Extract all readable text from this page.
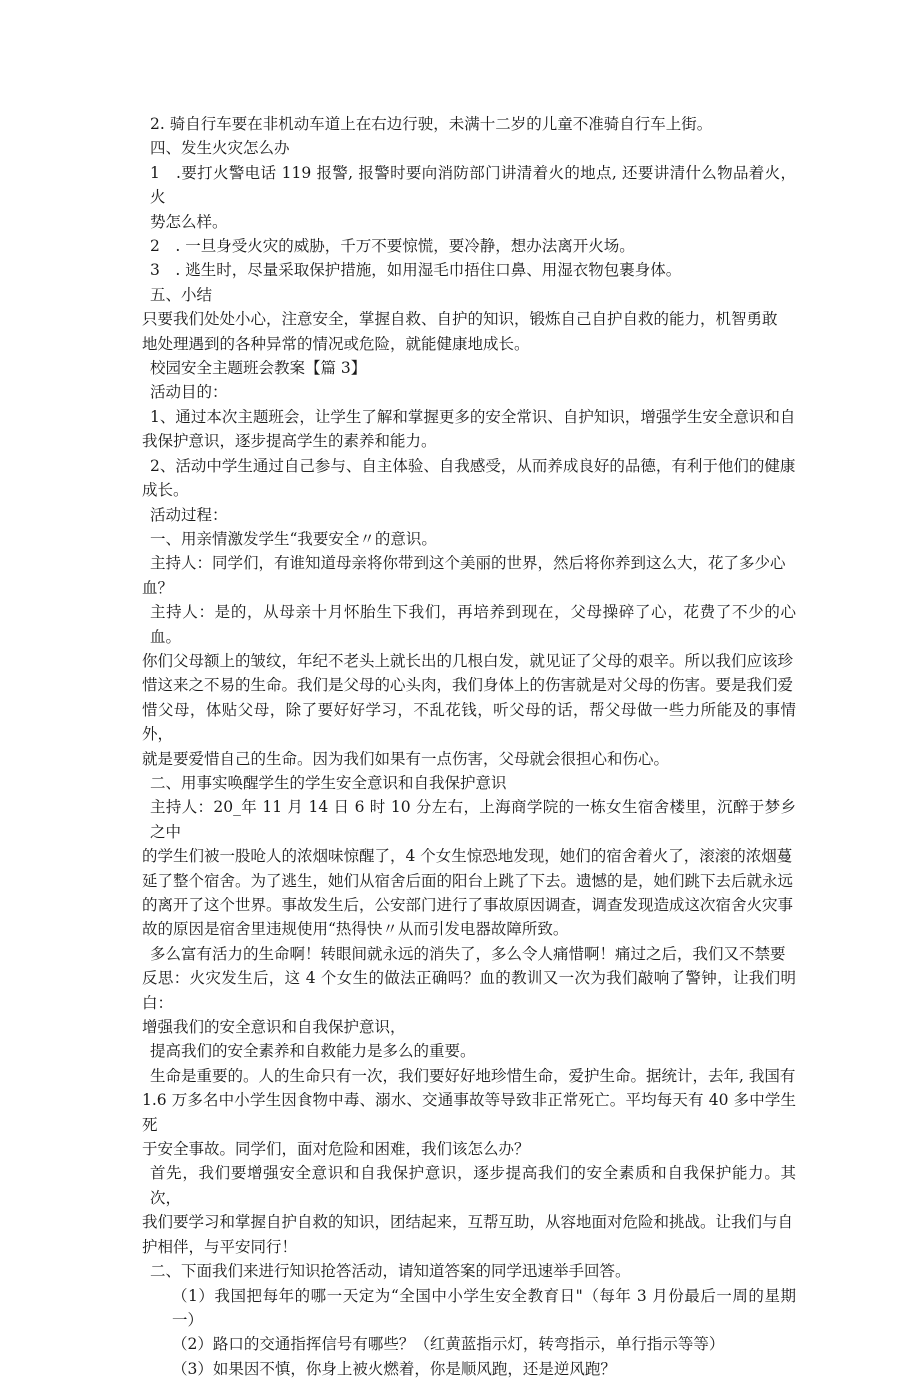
2. 骑自行车要在非机动车道上在右边行驶，未满十二岁的儿童不准骑自行车上街。
四、发生火灾怎么办
1　.要打火警电话 119 报警, 报警时要向消防部门讲清着火的地点, 还要讲清什么物品着火，火
势怎么样。
2　. 一旦身受火灾的威胁，千万不要惊慌，要冷静，想办法离开火场。
3　. 逃生时，尽量采取保护措施，如用湿毛巾捂住口鼻、用湿衣物包裹身体。
五、小结
只要我们处处小心，注意安全，掌握自救、自护的知识，锻炼自己自护自救的能力，机智勇敢
地处理遇到的各种异常的情况或危险，就能健康地成长。
校园安全主题班会教案【篇 3】
活动目的：
1、通过本次主题班会，让学生了解和掌握更多的安全常识、自护知识，增强学生安全意识和自
我保护意识，逐步提高学生的素养和能力。
2、活动中学生通过自己参与、自主体验、自我感受，从而养成良好的品德，有利于他们的健康
成长。
活动过程：
一、用亲情激发学生“我要安全〃的意识。
主持人：同学们，有谁知道母亲将你带到这个美丽的世界，然后将你养到这么大，花了多少心
血？
主持人：是的，从母亲十月怀胎生下我们，再培养到现在，父母操碎了心，花费了不少的心血。
你们父母额上的皱纹，年纪不老头上就长出的几根白发，就见证了父母的艰辛。所以我们应该珍
惜这来之不易的生命。我们是父母的心头肉，我们身体上的伤害就是对父母的伤害。要是我们爱
惜父母，体贴父母，除了要好好学习，不乱花钱，听父母的话，帮父母做一些力所能及的事情外，
就是要爱惜自己的生命。因为我们如果有一点伤害，父母就会很担心和伤心。
二、用事实唤醒学生的学生安全意识和自我保护意识
主持人：20_年 11 月 14 日 6 时 10 分左右，上海商学院的一栋女生宿舍楼里，沉醉于梦乡之中
的学生们被一股呛人的浓烟味惊醒了，4 个女生惊恐地发现，她们的宿舍着火了，滚滚的浓烟蔓
延了整个宿舍。为了逃生，她们从宿舍后面的阳台上跳了下去。遗憾的是，她们跳下去后就永远
的离开了这个世界。事故发生后，公安部门进行了事故原因调查，调查发现造成这次宿舍火灾事
故的原因是宿舍里违规使用“热得快〃从而引发电器故障所致。
多么富有活力的生命啊！转眼间就永远的消失了，多么令人痛惜啊！痛过之后，我们又不禁要
反思：火灾发生后，这 4 个女生的做法正确吗？血的教训又一次为我们敲响了警钟，让我们明白：
增强我们的安全意识和自我保护意识，
提高我们的安全素养和自救能力是多么的重要。
生命是重要的。人的生命只有一次，我们要好好地珍惜生命，爱护生命。据统计，去年, 我国有
1.6 万多名中小学生因食物中毒、溺水、交通事故等导致非正常死亡。平均每天有 40 多中学生死
于安全事故。同学们，面对危险和困难，我们该怎么办？
首先，我们要增强安全意识和自我保护意识，逐步提高我们的安全素质和自我保护能力。其次，
我们要学习和掌握自护自救的知识，团结起来，互帮互助，从容地面对危险和挑战。让我们与自
护相伴，与平安同行！
二、下面我们来进行知识抢答活动，请知道答案的同学迅速举手回答。
（1）我国把每年的哪一天定为“全国中小学生安全教育日"（每年 3 月份最后一周的星期一）
（2）路口的交通指挥信号有哪些？（红黄蓝指示灯，转弯指示，单行指示等等）
（3）如果因不慎，你身上被火燃着，你是顺风跑，还是逆风跑？
